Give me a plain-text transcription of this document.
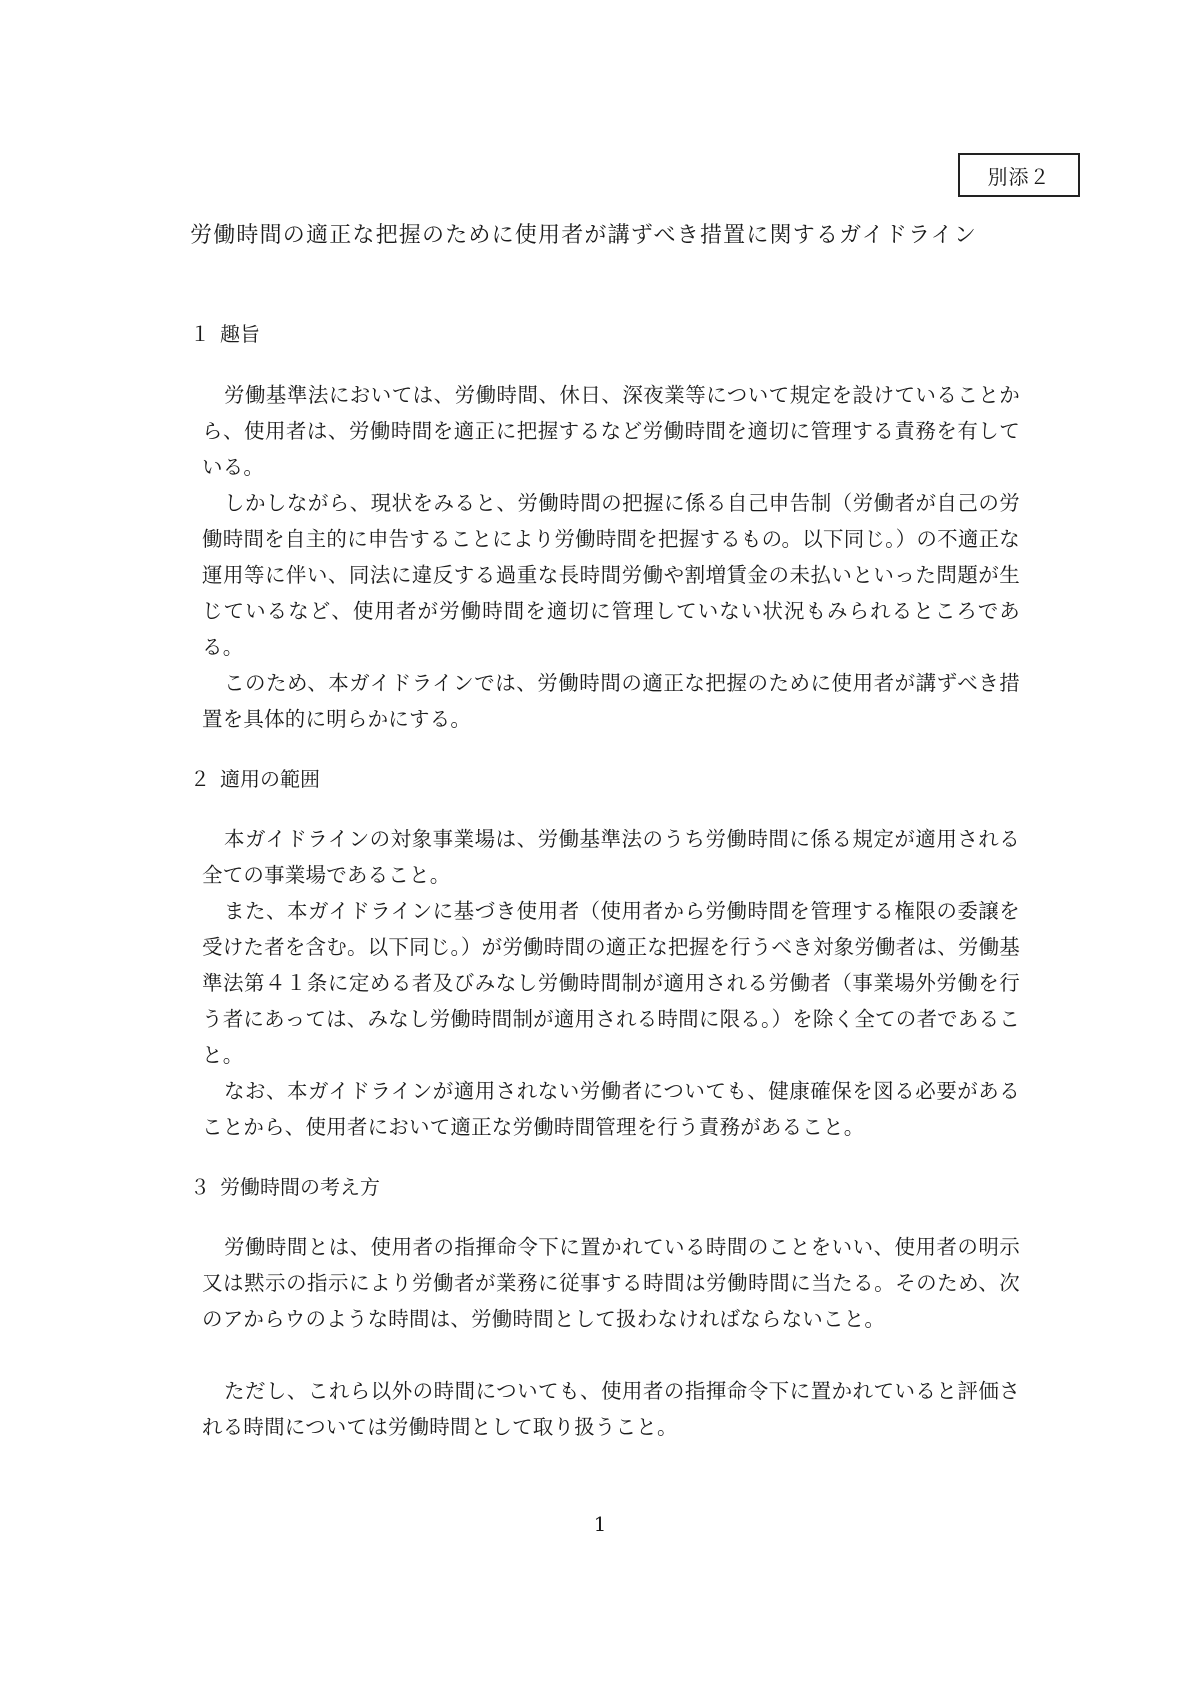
別添２
労働時間の適正な把握のために使用者が講ずべき措置に関するガイドライン
１ 趣旨

労働基準法においては、労働時間、休日、深夜業等について規定を設けていることから、使用者は、労働時間を適正に把握するなど労働時間を適切に管理する責務を有している。

しかしながら、現状をみると、労働時間の把握に係る自己申告制（労働者が自己の労働時間を自主的に申告することにより労働時間を把握するもの。以下同じ。）の不適正な運用等に伴い、同法に違反する過重な長時間労働や割増賃金の未払いといった問題が生じているなど、使用者が労働時間を適切に管理していない状況もみられるところである。

このため、本ガイドラインでは、労働時間の適正な把握のために使用者が講ずべき措置を具体的に明らかにする。

２ 適用の範囲

本ガイドラインの対象事業場は、労働基準法のうち労働時間に係る規定が適用される全ての事業場であること。

また、本ガイドラインに基づき使用者（使用者から労働時間を管理する権限の委譲を受けた者を含む。以下同じ。）が労働時間の適正な把握を行うべき対象労働者は、労働基準法第４１条に定める者及びみなし労働時間制が適用される労働者（事業場外労働を行う者にあっては、みなし労働時間制が適用される時間に限る。）を除く全ての者であること。

なお、本ガイドラインが適用されない労働者についても、健康確保を図る必要があることから、使用者において適正な労働時間管理を行う責務があること。

３ 労働時間の考え方

労働時間とは、使用者の指揮命令下に置かれている時間のことをいい、使用者の明示又は黙示の指示により労働者が業務に従事する時間は労働時間に当たる。そのため、次のアからウのような時間は、労働時間として扱わなければならないこと。

ただし、これら以外の時間についても、使用者の指揮命令下に置かれていると評価される時間については労働時間として取り扱うこと。

1
